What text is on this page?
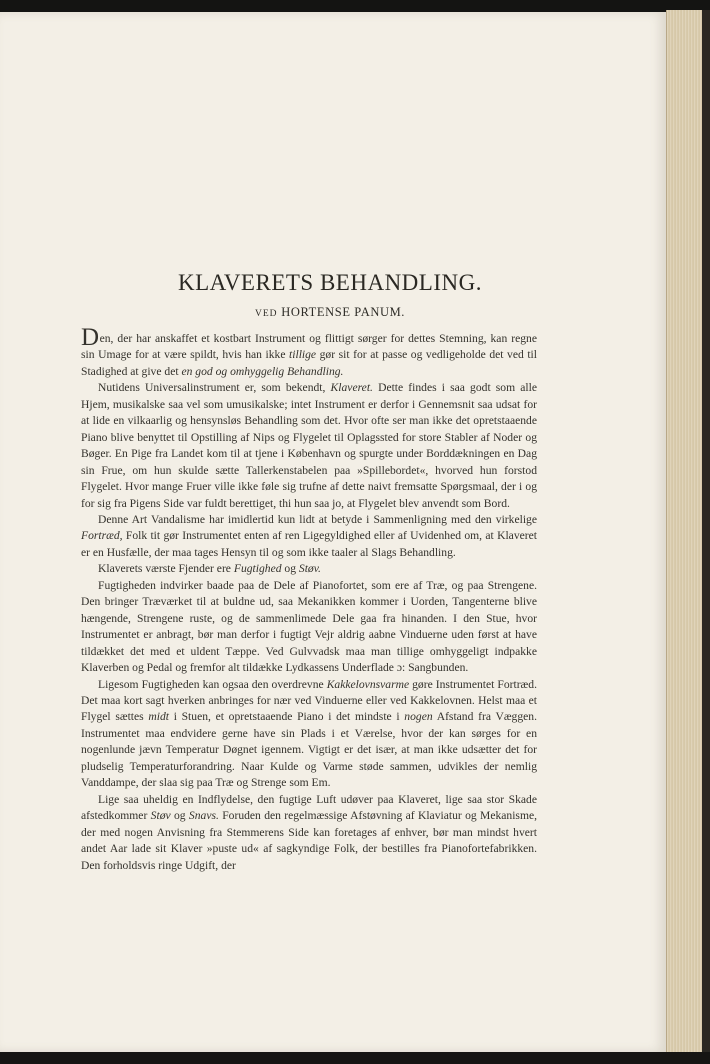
KLAVERETS BEHANDLING.
VED HORTENSE PANUM.

Den, der har anskaffet et kostbart Instrument og flittigt sørger for dettes Stemning, kan regne sin Umage for at være spildt, hvis han ikke tillige gør sit for at passe og vedligeholde det ved til Stadighed at give det en god og omhyggelig Behandling.

Nutidens Universalinstrument er, som bekendt, Klaveret. Dette findes i saa godt som alle Hjem, musikalske saa vel som umusikalske; intet Instrument er derfor i Gennemsnit saa udsat for at lide en vilkaarlig og hensynsløs Behandling som det. Hvor ofte ser man ikke det opretstaaende Piano blive benyttet til Opstilling af Nips og Flygelet til Oplagssted for store Stabler af Noder og Bøger. En Pige fra Landet kom til at tjene i København og spurgte under Borddækningen en Dag sin Frue, om hun skulde sætte Tallerkenstabelen paa »Spillebordet«, hvorved hun forstod Flygelet. Hvor mange Fruer ville ikke føle sig trufne af dette naivt fremsatte Spørgsmaal, der i og for sig fra Pigens Side var fuldt berettiget, thi hun saa jo, at Flygelet blev anvendt som Bord.

Denne Art Vandalisme har imidlertid kun lidt at betyde i Sammenligning med den virkelige Fortræd, Folk tit gør Instrumentet enten af ren Ligegyldighed eller af Uvidenhed om, at Klaveret er en Husfælle, der maa tages Hensyn til og som ikke taaler al Slags Behandling.

Klaverets værste Fjender ere Fugtighed og Støv.

Fugtigheden indvirker baade paa de Dele af Pianofortet, som ere af Træ, og paa Strengene. Den bringer Træværket til at buldne ud, saa Mekanikken kommer i Uorden, Tangenterne blive hængende, Strengene ruste, og de sammenlimede Dele gaa fra hinanden. I den Stue, hvor Instrumentet er anbragt, bør man derfor i fugtigt Vejr aldrig aabne Vinduerne uden først at have tildækket det med et uldent Tæppe. Ved Gulvvadsk maa man tillige omhyggeligt indpakke Klaverben og Pedal og fremfor alt tildække Lydkassens Underflade ɔ: Sangbunden.

Ligesom Fugtigheden kan ogsaa den overdrevne Kakkelovnsvarme gøre Instrumentet Fortræd. Det maa kort sagt hverken anbringes for nær ved Vinduerne eller ved Kakkelovnen. Helst maa et Flygel sættes midt i Stuen, et opretstaaende Piano i det mindste i nogen Afstand fra Væggen. Instrumentet maa endvidere gerne have sin Plads i et Værelse, hvor der kan sørges for en nogenlunde jævn Temperatur Døgnet igennem. Vigtigt er det især, at man ikke udsætter det for pludselig Temperaturforandring. Naar Kulde og Varme støde sammen, udvikles der nemlig Vanddampe, der slaa sig paa Træ og Strenge som Em.

Lige saa uheldig en Indflydelse, den fugtige Luft udøver paa Klaveret, lige saa stor Skade afstedkommer Støv og Snavs. Foruden den regelmæssige Afstøvning af Klaviatur og Mekanisme, der med nogen Anvisning fra Stemmerens Side kan foretages af enhver, bør man mindst hvert andet Aar lade sit Klaver »puste ud« af sagkyndige Folk, der bestilles fra Pianofortefabrikken. Den forholdsvis ringe Udgift, der
